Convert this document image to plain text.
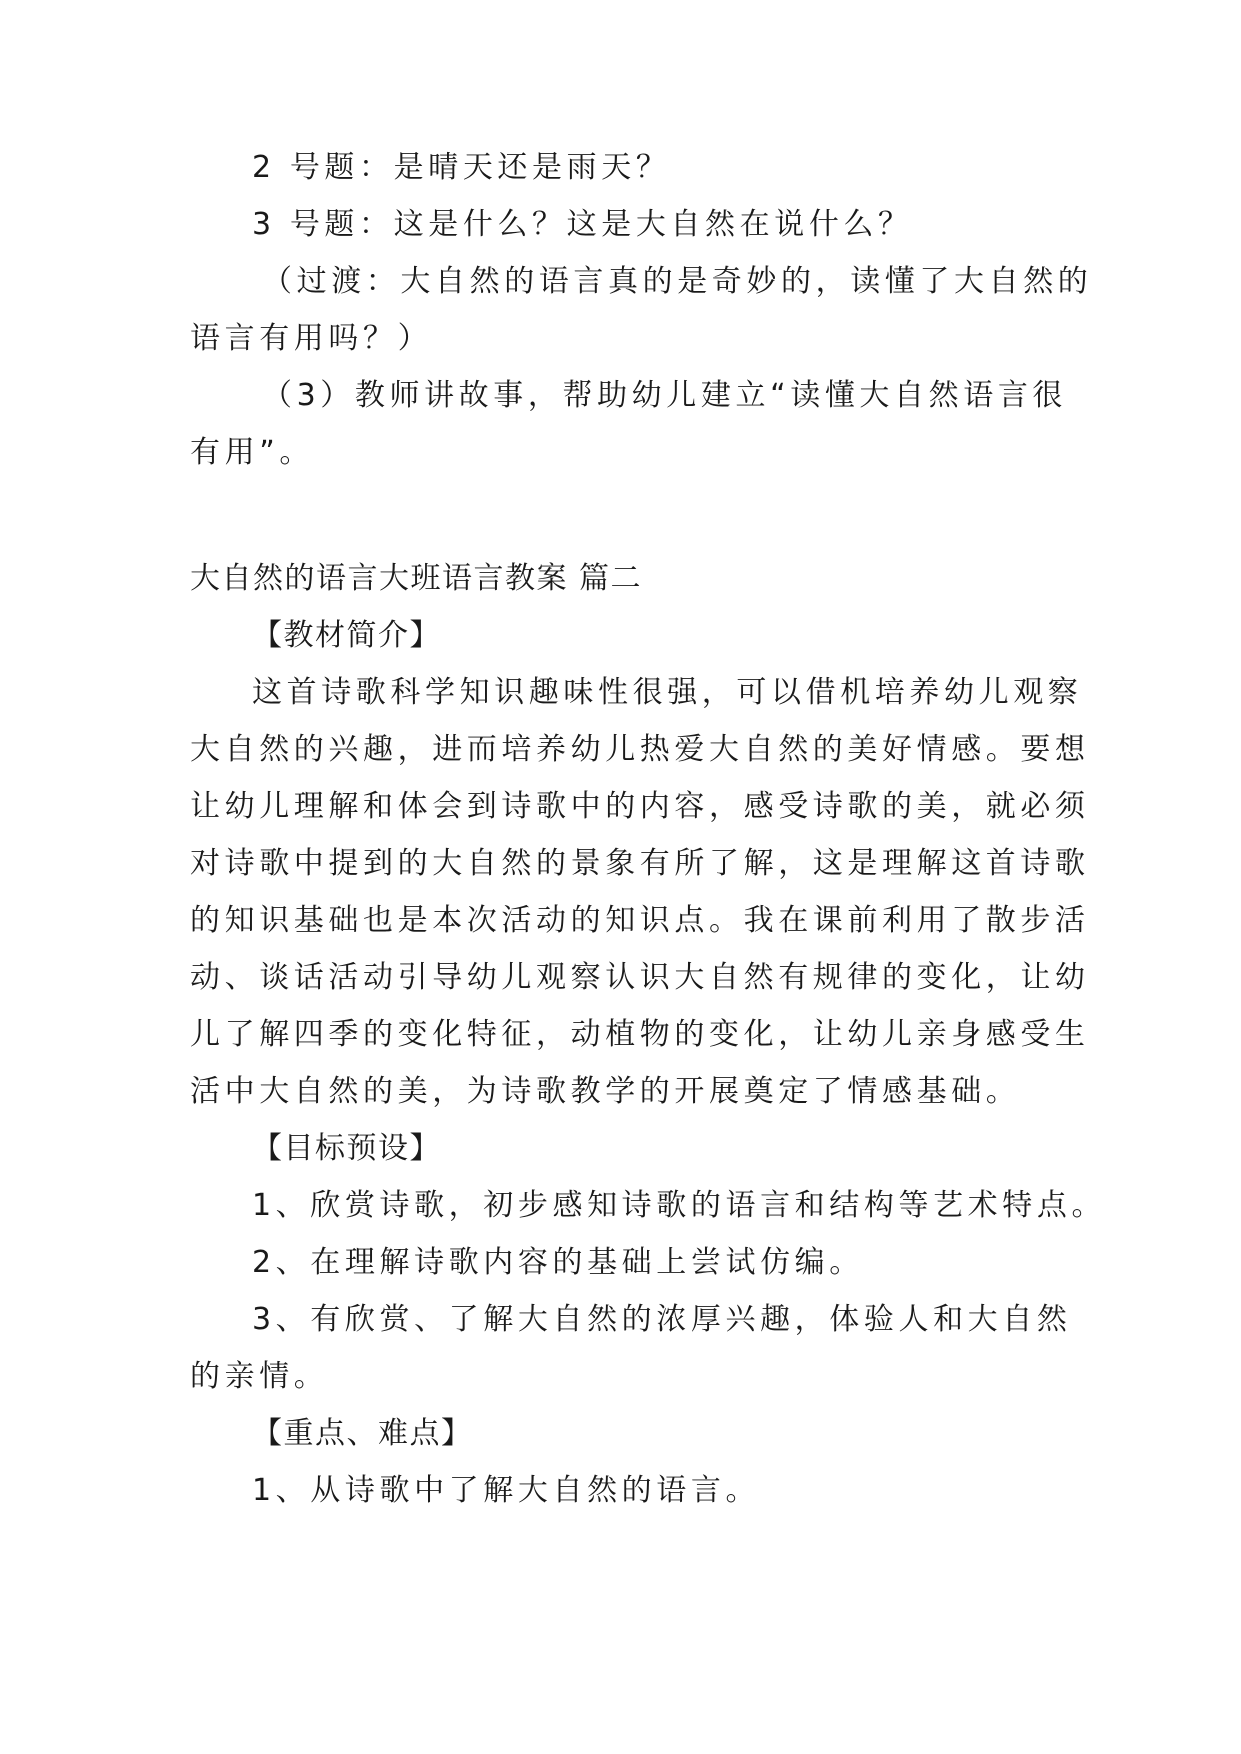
2 号题：是晴天还是雨天？
3 号题：这是什么？这是大自然在说什么？
（过渡：大自然的语言真的是奇妙的，读懂了大自然的
语言有用吗？）
（3）教师讲故事，帮助幼儿建立“读懂大自然语言很
有用”。
大自然的语言大班语言教案 篇二
【教材简介】
这首诗歌科学知识趣味性很强，可以借机培养幼儿观察
大自然的兴趣，进而培养幼儿热爱大自然的美好情感。要想
让幼儿理解和体会到诗歌中的内容，感受诗歌的美，就必须
对诗歌中提到的大自然的景象有所了解，这是理解这首诗歌
的知识基础也是本次活动的知识点。我在课前利用了散步活
动、谈话活动引导幼儿观察认识大自然有规律的变化，让幼
儿了解四季的变化特征，动植物的变化，让幼儿亲身感受生
活中大自然的美，为诗歌教学的开展奠定了情感基础。
【目标预设】
1、欣赏诗歌，初步感知诗歌的语言和结构等艺术特点。
2、在理解诗歌内容的基础上尝试仿编。
3、有欣赏、了解大自然的浓厚兴趣，体验人和大自然
的亲情。
【重点、难点】
1、从诗歌中了解大自然的语言。
